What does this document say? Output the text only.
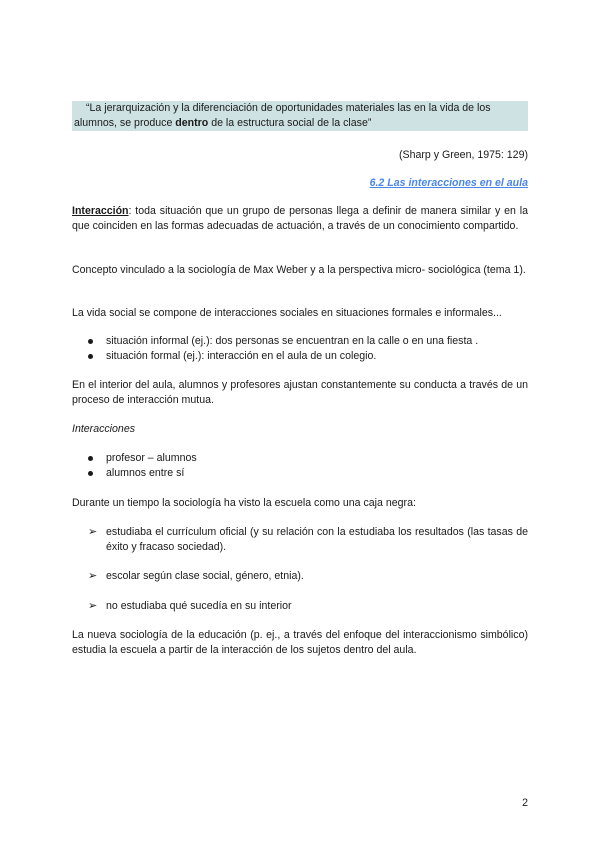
“La jerarquización y la diferenciación de oportunidades materiales las en la vida de los
alumnos, se produce dentro de la estructura social de la clase”

(Sharp y Green, 1975: 129)

6.2 Las interacciones en el aula

Interacción: toda situación que un grupo de personas llega a definir de manera similar y en la que coinciden en las formas adecuadas de actuación, a través de un conocimiento compartido.

Concepto vinculado a la sociología de Max Weber y a la perspectiva micro- sociológica (tema 1).

La vida social se compone de interacciones sociales en situaciones formales e informales...

situación informal (ej.): dos personas se encuentran en la calle o en una fiesta .
situación formal (ej.): interacción en el aula de un colegio.

En el interior del aula, alumnos y profesores ajustan constantemente su conducta a través de un proceso de interacción mutua.

Interacciones

profesor – alumnos
alumnos entre sí

Durante un tiempo la sociología ha visto la escuela como una caja negra:

➢ estudiaba el currículum oficial (y su relación con la estudiaba los resultados (las tasas de éxito y fracaso sociedad).
➢ escolar según clase social, género, etnia).
➢ no estudiaba qué sucedía en su interior

La nueva sociología de la educación (p. ej., a través del enfoque del interaccionismo simbólico) estudia la escuela a partir de la interacción de los sujetos dentro del aula.

2
